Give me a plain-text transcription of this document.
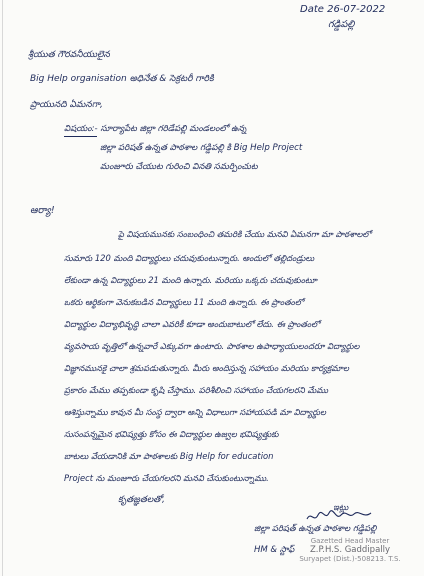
Date 26-07-2022
గడ్డిపల్లి
శ్రీయుత గౌరవనీయులైన
Big Help organisation అధినేత & సెక్రటరీ గారికి
ప్రాయునది ఏమనగా,
విషయం:- సూర్యాపేట జిల్లా గరిడేపల్లి మండలంలో ఉన్న
జిల్లా పరిషత్ ఉన్నత పాఠశాల గడ్డిపల్లి కి Big Help Project
మంజూరు చేయుట గురించి వినతి సమర్పించుట
ఆర్యా!
పై విషయమునకు సంబంధించి తమరికి చేయు మనవి ఏమనగా మా పాఠశాలలో
సుమారు 120 మంది విద్యార్థులు చదువుకుంటున్నారు. అందులో తల్లిదండ్రులు
లేకుండా ఉన్న విద్యార్థులు 21 మంది ఉన్నారు. మరియు ఒక్కరు చదువుకుంటూ
ఒకరు ఆర్థికంగా వెనుకబడిన విద్యార్థులు 11 మంది ఉన్నారు. ఈ ప్రాంతంలో
విద్యార్థుల విద్యాభివృద్ధి చాలా ఎవరికీ కూడా అందుబాటులో లేదు. ఈ ప్రాంతంలో
వ్యవసాయ వృత్తిలో ఉన్నవారే ఎక్కువగా ఉంటారు. పాఠశాల ఉపాధ్యాయులందరూ విద్యార్థుల
విజ్ఞానమునకై చాలా శ్రమపడుతున్నారు. మీరు అందిస్తున్న సహాయం మరియు కార్యక్రమాల
ప్రకారం మేము తప్పకుండా కృషి చేస్తాము. పరిశీలించి సహాయం చేయగలరని మేము
ఆశిస్తున్నాము కావున మీ సంస్థ ద్వారా అన్ని విధాలుగా సహాయపడి మా విద్యార్థుల
సుసంపన్నమైన భవిష్యత్తు కోసం ఈ విద్యార్థుల ఉజ్వల భవిష్యత్తుకు
బాటలు వేయడానికి మా పాఠశాలకు Big Help for education
Project ను మంజూరు చేయగలరని మనవి చేసుకుంటున్నాము.
కృతజ్ఞతలతో,
ఇట్లు
జిల్లా పరిషత్ ఉన్నత పాఠశాల గడ్డిపల్లి
HM & స్టాఫ్
Gazetted Head Master
Z.P.H.S. Gaddipally
Suryapet (Dist.)-508213. T.S.
